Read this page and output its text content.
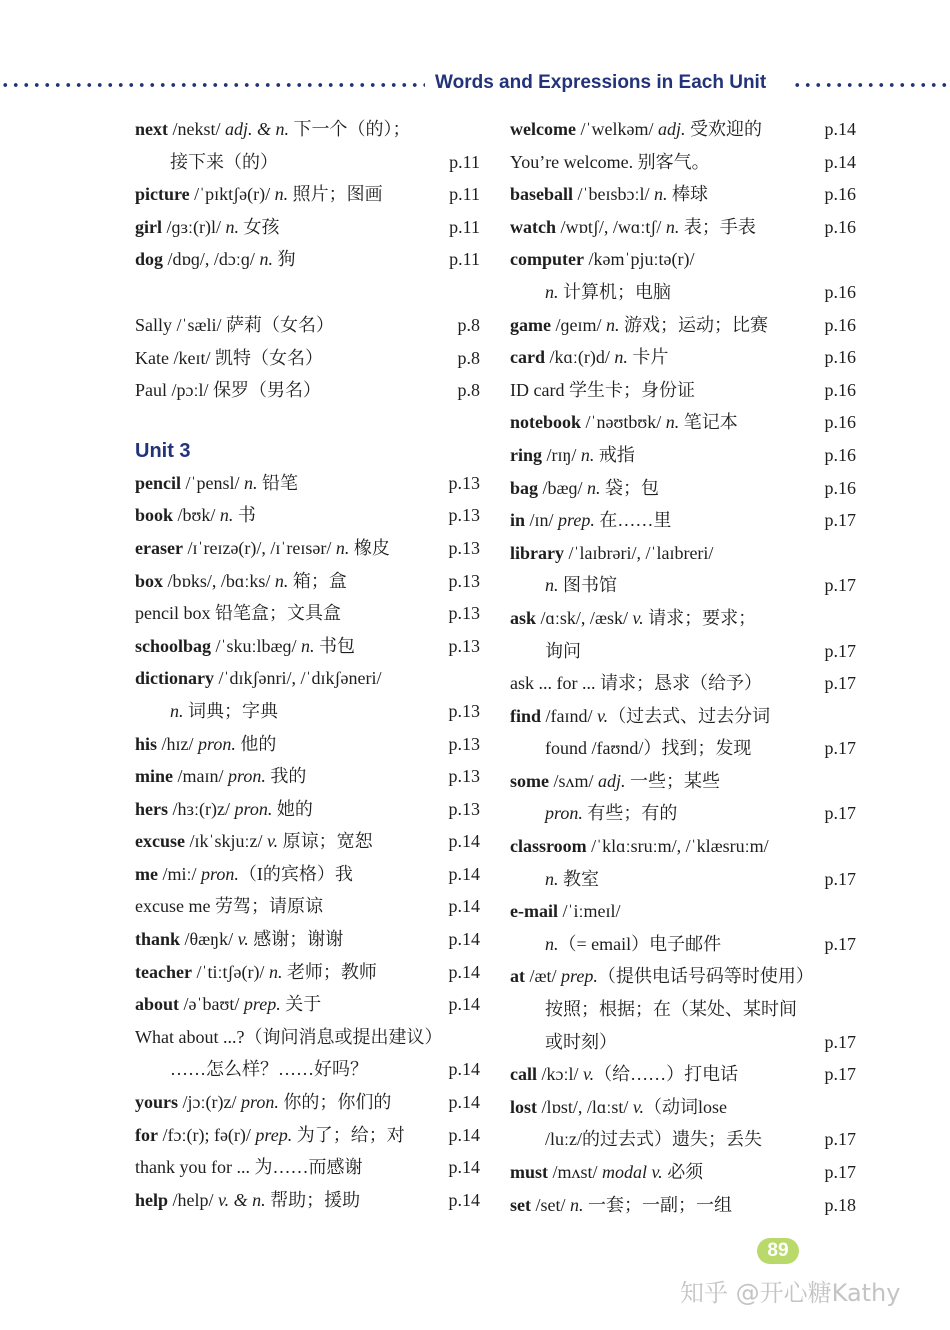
Words and Expressions in Each Unit
next /nekst/ adj. & n. 下一个（的）；
接下来（的）	p.11
picture /ˈpɪktʃə(r)/ n. 照片；图画	p.11
girl /ɡɜː(r)l/ n. 女孩	p.11
dog /dɒɡ/, /dɔːɡ/ n. 狗	p.11
Sally /ˈsæli/ 萨莉（女名）	p.8
Kate /keɪt/ 凯特（女名）	p.8
Paul /pɔːl/ 保罗（男名）	p.8
Unit 3
pencil /ˈpensl/ n. 铅笔	p.13
book /bʊk/ n. 书	p.13
eraser /ɪˈreɪzə(r)/, /ɪˈreɪsər/ n. 橡皮	p.13
box /bɒks/, /bɑːks/ n. 箱；盒	p.13
pencil box 铅笔盒；文具盒	p.13
schoolbag /ˈskuːlbæɡ/ n. 书包	p.13
dictionary /ˈdɪkʃənri/, /ˈdɪkʃəneri/
n. 词典；字典	p.13
his /hɪz/ pron. 他的	p.13
mine /maɪn/ pron. 我的	p.13
hers /hɜː(r)z/ pron. 她的	p.13
excuse /ɪkˈskjuːz/ v. 原谅；宽恕	p.14
me /miː/ pron.（I的宾格）我	p.14
excuse me 劳驾；请原谅	p.14
thank /θæŋk/ v. 感谢；谢谢	p.14
teacher /ˈtiːtʃə(r)/ n. 老师；教师	p.14
about /əˈbaʊt/ prep. 关于	p.14
What about ...?（询问消息或提出建议）
……怎么样？……好吗？	p.14
yours /jɔː(r)z/ pron. 你的；你们的	p.14
for /fɔː(r); fə(r)/ prep. 为了；给；对 p.14
thank you for ... 为……而感谢	p.14
help /help/ v. & n. 帮助；援助	p.14
welcome /ˈwelkəm/ adj. 受欢迎的	p.14
You’re welcome. 别客气。	p.14
baseball /ˈbeɪsbɔːl/ n. 棒球	p.16
watch /wɒtʃ/, /wɑːtʃ/ n. 表；手表	p.16
computer /kəmˈpjuːtə(r)/
n. 计算机；电脑	p.16
game /ɡeɪm/ n. 游戏；运动；比赛	p.16
card /kɑː(r)d/ n. 卡片	p.16
ID card 学生卡；身份证	p.16
notebook /ˈnəʊtbʊk/ n. 笔记本	p.16
ring /rɪŋ/ n. 戒指	p.16
bag /bæɡ/ n. 袋；包	p.16
in /ɪn/ prep. 在……里	p.17
library /ˈlaɪbrəri/, /ˈlaɪbreri/
n. 图书馆	p.17
ask /ɑːsk/, /æsk/ v. 请求；要求；
询问	p.17
ask ... for ... 请求；恳求（给予）	p.17
find /faɪnd/ v.（过去式、过去分词
found /faʊnd/）找到；发现	p.17
some /sʌm/ adj. 一些；某些
pron. 有些；有的	p.17
classroom /ˈklɑːsruːm/, /ˈklæsruːm/
n. 教室	p.17
e-mail /ˈiːmeɪl/
n.（= email）电子邮件	p.17
at /æt/ prep.（提供电话号码等时使用）
按照；根据；在（某处、某时间
或时刻）	p.17
call /kɔːl/ v.（给……）打电话	p.17
lost /lɒst/, /lɑːst/ v.（动词lose
/luːz/的过去式）遗失；丢失	p.17
must /mʌst/ modal v. 必须	p.17
set /set/ n. 一套；一副；一组	p.18
89
知乎 @开心糖Kathy
